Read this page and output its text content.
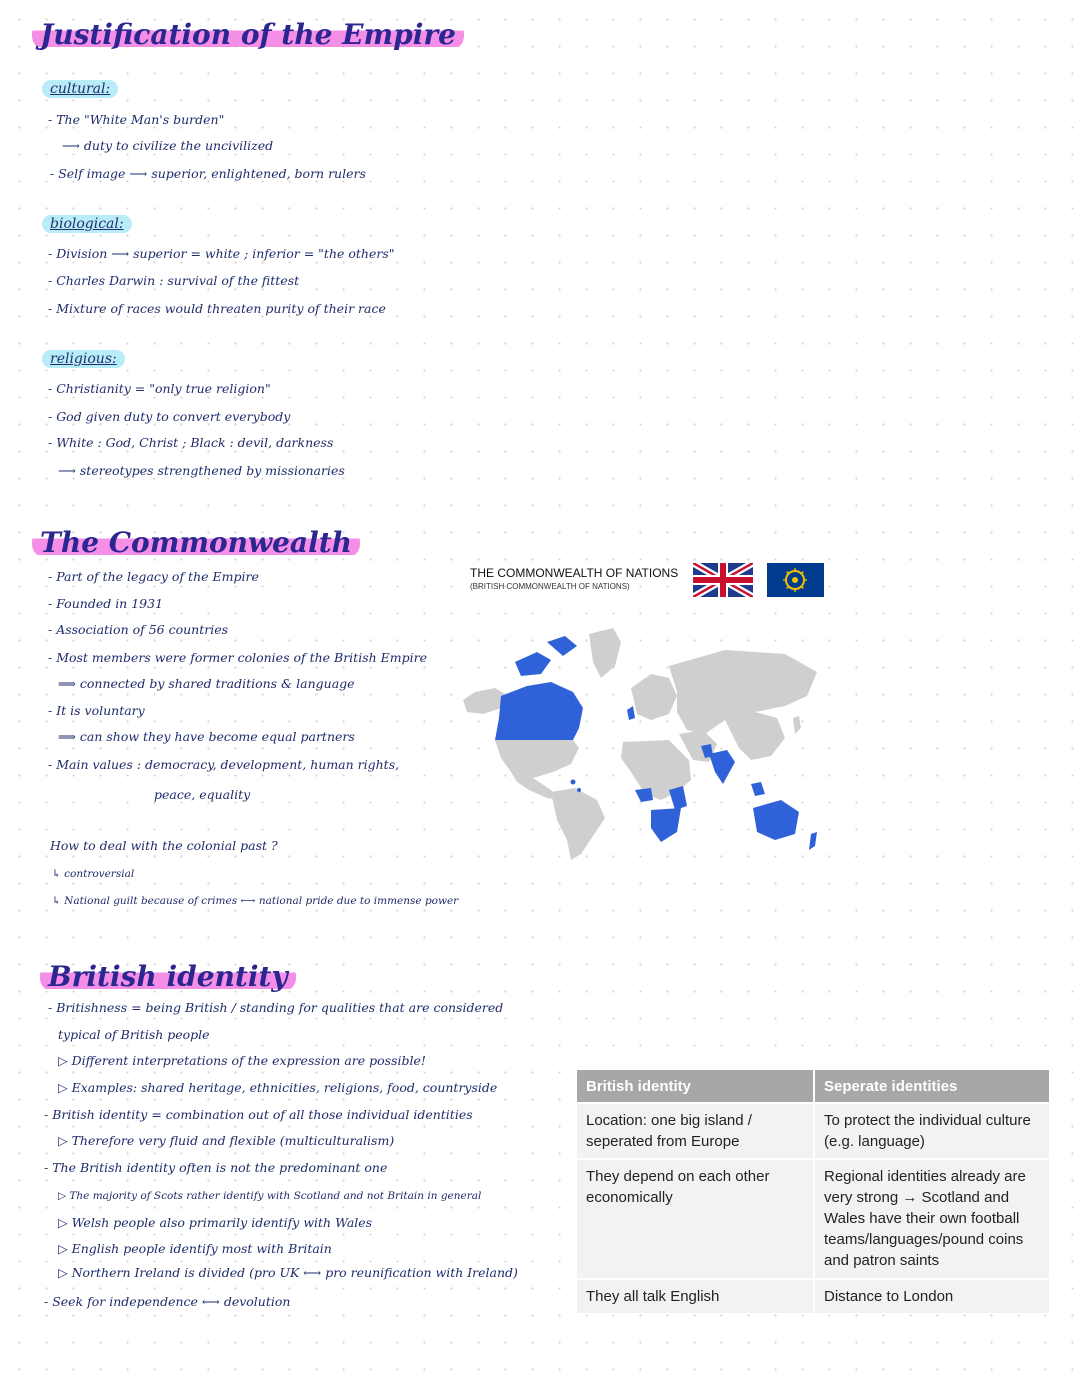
Justification of the Empire
cultural:
- The "White Man's burden"
⟶ duty to civilize the uncivilized
- Self image ⟶ superior, enlightened, born rulers
biological:
- Division ⟶ superior = white ; inferior = "the others"
- Charles Darwin : survival of the fittest
- Mixture of races would threaten purity of their race
religious:
- Christianity = "only true religion"
- God given duty to convert everybody
- White : God, Christ ; Black : devil, darkness
⟶ stereotypes strengthened by missionaries
The Commonwealth
- Part of the legacy of the Empire
- Founded in 1931
- Association of 56 countries
- Most members were former colonies of the British Empire
⟹ connected by shared traditions & language
- It is voluntary
⟹ can show they have become equal partners
- Main values : democracy, development, human rights,
peace, equality
How to deal with the colonial past ?
↳ controversial
↳ National guilt because of crimes ⟷ national pride due to immense power
THE COMMONWEALTH OF NATIONS
(BRITISH COMMONWEALTH OF NATIONS)
British identity
- Britishness = being British / standing for qualities that are considered
typical of British people
▷ Different interpretations of the expression are possible!
▷ Examples: shared heritage, ethnicities, religions, food, countryside
- British identity = combination out of all those individual identities
▷ Therefore very fluid and flexible (multiculturalism)
- The British identity often is not the predominant one
▷ The majority of Scots rather identify with Scotland and not Britain in general
▷ Welsh people also primarily identify with Wales
▷ English people identify most with Britain
▷ Northern Ireland is divided (pro UK ⟷ pro reunification with Ireland)
- Seek for independence ⟷ devolution
British identity	Seperate identities
Location: one big island / seperated from Europe	To protect the individual culture (e.g. language)
They depend on each other economically	Regional identities already are very strong → Scotland and Wales have their own football teams/languages/pound coins and patron saints
They all talk English	Distance to London
